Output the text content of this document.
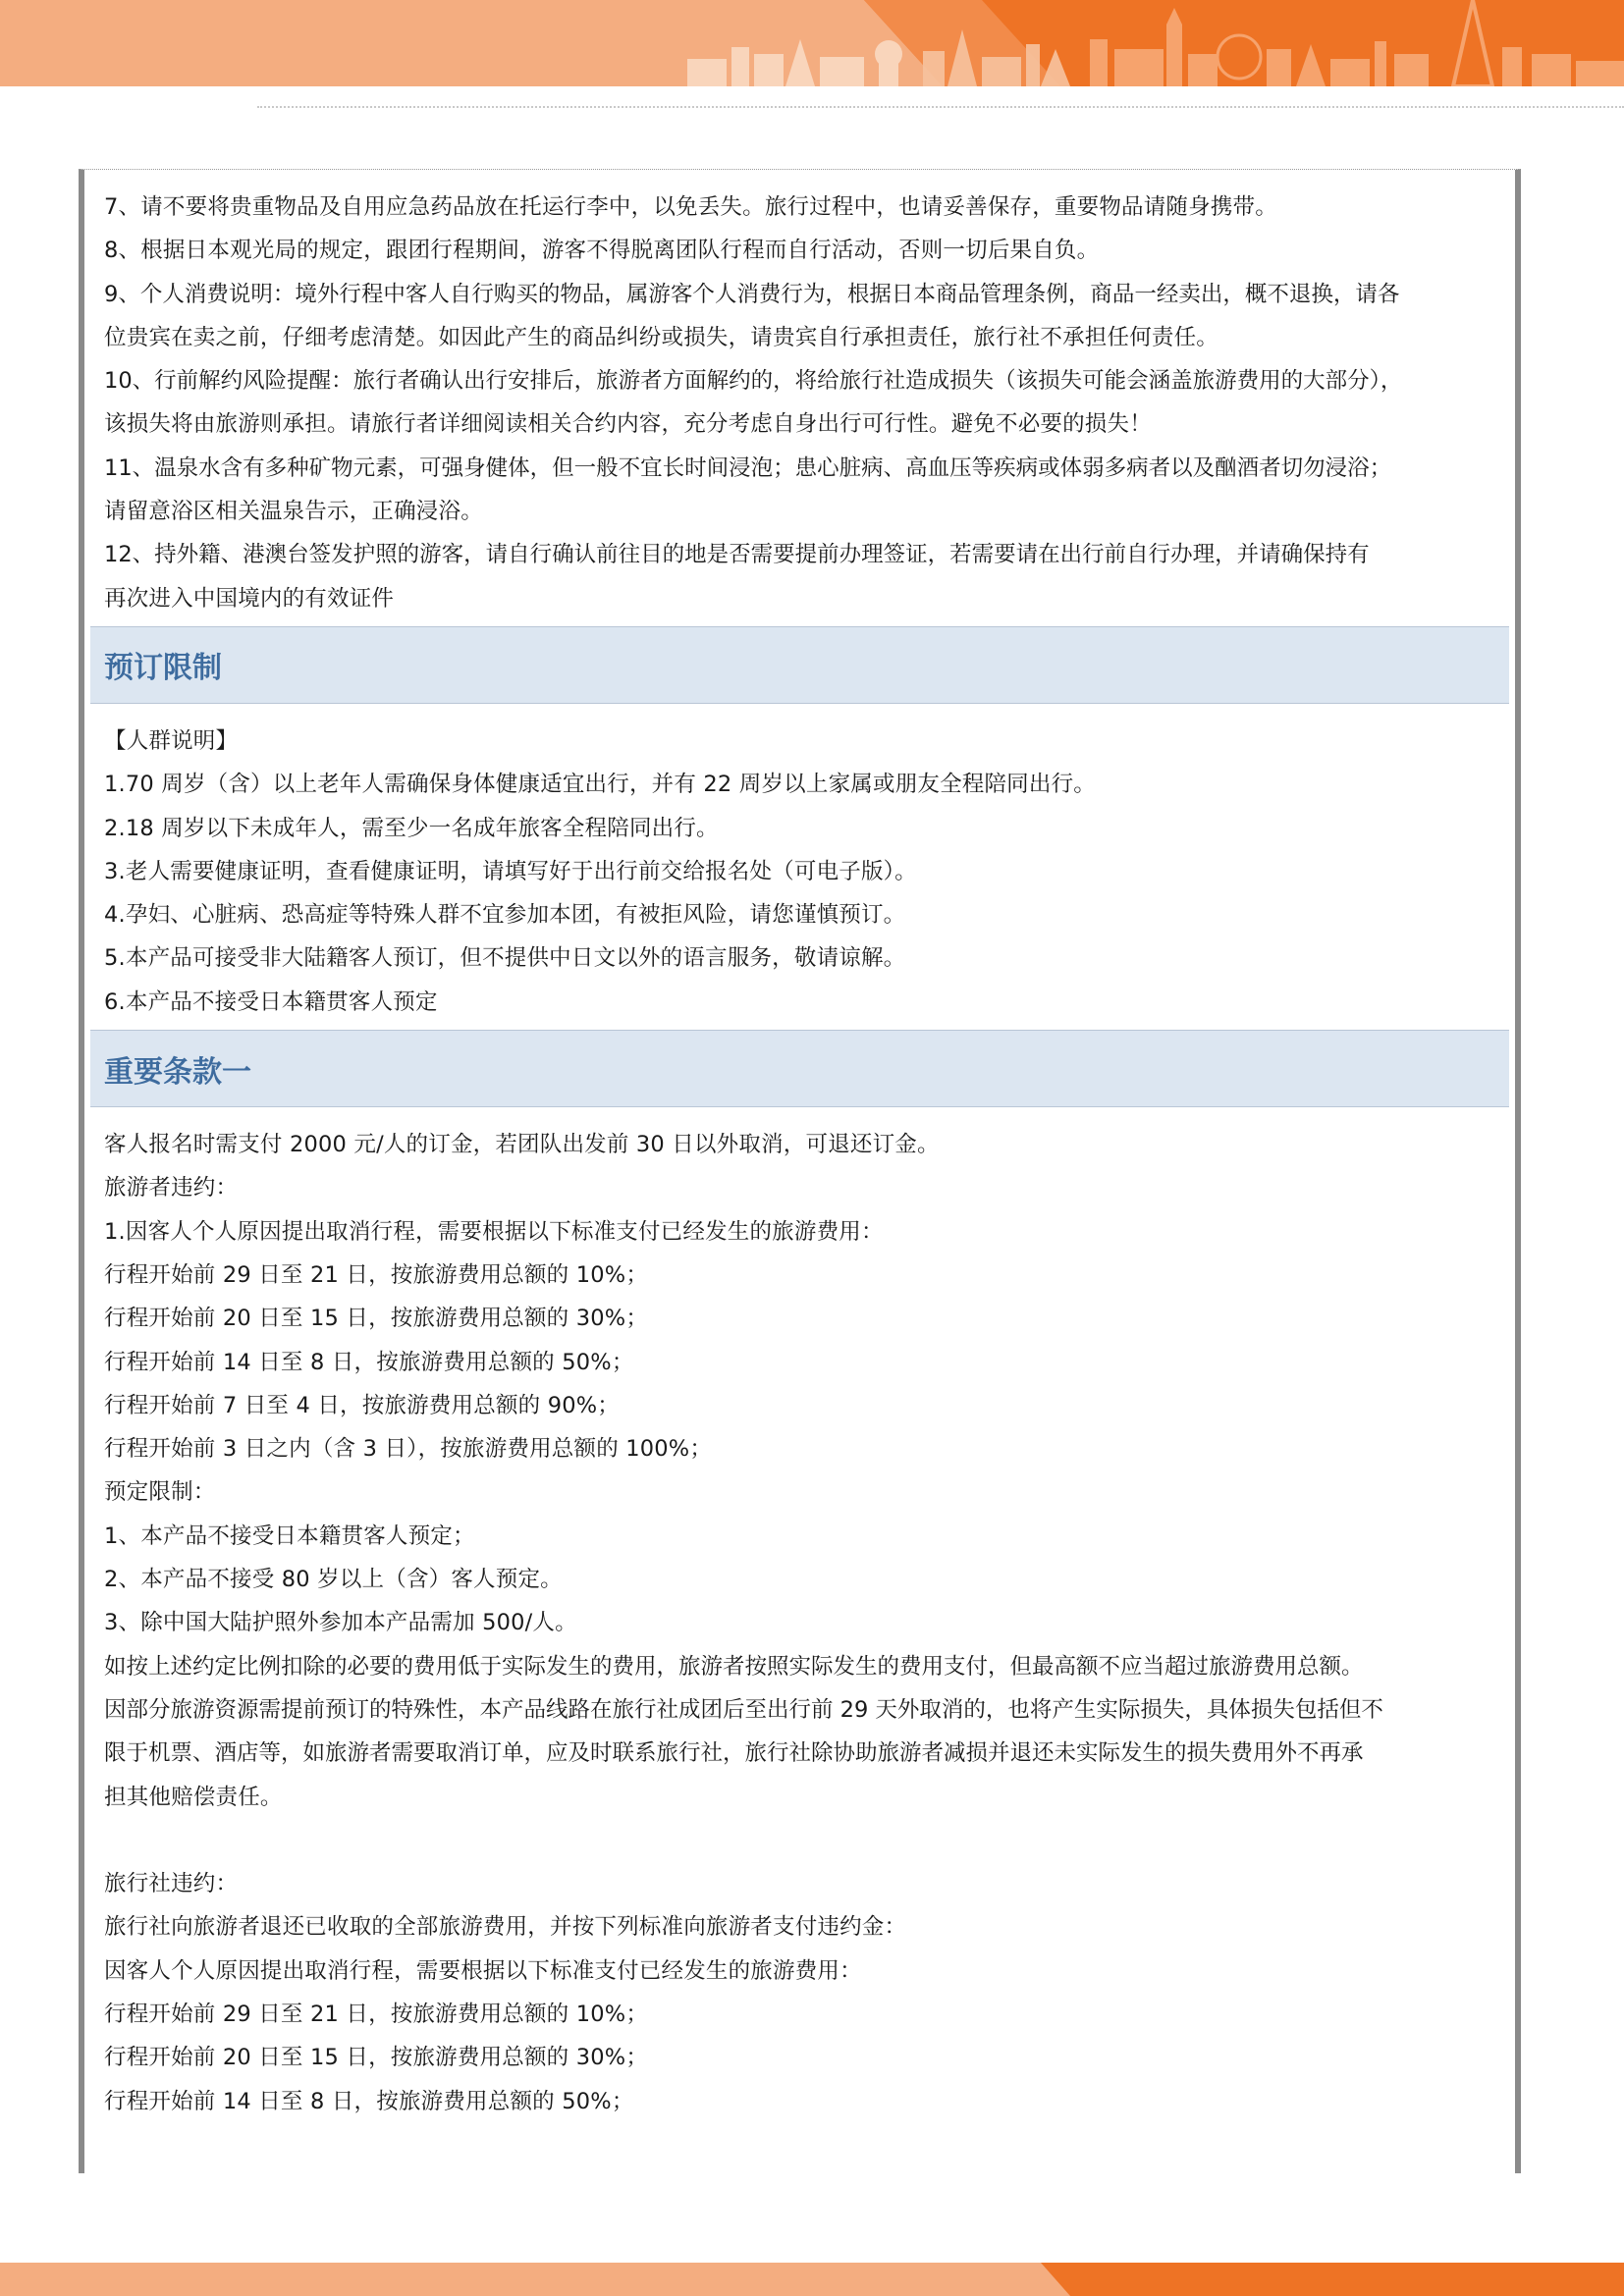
7、请不要将贵重物品及自用应急药品放在托运行李中，以免丢失。旅行过程中，也请妥善保存，重要物品请随身携带。
8、根据日本观光局的规定，跟团行程期间，游客不得脱离团队行程而自行活动，否则一切后果自负。
9、个人消费说明：境外行程中客人自行购买的物品，属游客个人消费行为，根据日本商品管理条例，商品一经卖出，概不退换，请各
位贵宾在卖之前，仔细考虑清楚。如因此产生的商品纠纷或损失，请贵宾自行承担责任，旅行社不承担任何责任。
10、行前解约风险提醒：旅行者确认出行安排后，旅游者方面解约的，将给旅行社造成损失（该损失可能会涵盖旅游费用的大部分），
该损失将由旅游则承担。请旅行者详细阅读相关合约内容，充分考虑自身出行可行性。避免不必要的损失！
11、温泉水含有多种矿物元素，可强身健体，但一般不宜长时间浸泡；患心脏病、高血压等疾病或体弱多病者以及酗酒者切勿浸浴；
请留意浴区相关温泉告示，正确浸浴。
12、持外籍、港澳台签发护照的游客，请自行确认前往目的地是否需要提前办理签证，若需要请在出行前自行办理，并请确保持有
再次进入中国境内的有效证件
预订限制
【人群说明】
1.70 周岁（含）以上老年人需确保身体健康适宜出行，并有 22 周岁以上家属或朋友全程陪同出行。
2.18 周岁以下未成年人，需至少一名成年旅客全程陪同出行。
3.老人需要健康证明，查看健康证明，请填写好于出行前交给报名处（可电子版）。
4.孕妇、心脏病、恐高症等特殊人群不宜参加本团，有被拒风险，请您谨慎预订。
5.本产品可接受非大陆籍客人预订，但不提供中日文以外的语言服务，敬请谅解。
6.本产品不接受日本籍贯客人预定
重要条款一
客人报名时需支付 2000 元/人的订金，若团队出发前 30 日以外取消，可退还订金。
旅游者违约：
1.因客人个人原因提出取消行程，需要根据以下标准支付已经发生的旅游费用：
行程开始前 29 日至 21 日，按旅游费用总额的 10%；
行程开始前 20 日至 15 日，按旅游费用总额的 30%；
行程开始前 14 日至 8 日，按旅游费用总额的 50%；
行程开始前 7 日至 4 日，按旅游费用总额的 90%；
行程开始前 3 日之内（含 3 日），按旅游费用总额的 100%；
预定限制：
1、本产品不接受日本籍贯客人预定；
2、本产品不接受 80 岁以上（含）客人预定。
3、除中国大陆护照外参加本产品需加 500/人。
如按上述约定比例扣除的必要的费用低于实际发生的费用，旅游者按照实际发生的费用支付，但最高额不应当超过旅游费用总额。
因部分旅游资源需提前预订的特殊性，本产品线路在旅行社成团后至出行前 29 天外取消的，也将产生实际损失，具体损失包括但不
限于机票、酒店等，如旅游者需要取消订单，应及时联系旅行社，旅行社除协助旅游者减损并退还未实际发生的损失费用外不再承
担其他赔偿责任。
旅行社违约：
旅行社向旅游者退还已收取的全部旅游费用，并按下列标准向旅游者支付违约金：
因客人个人原因提出取消行程，需要根据以下标准支付已经发生的旅游费用：
行程开始前 29 日至 21 日，按旅游费用总额的 10%；
行程开始前 20 日至 15 日，按旅游费用总额的 30%；
行程开始前 14 日至 8 日，按旅游费用总额的 50%；
